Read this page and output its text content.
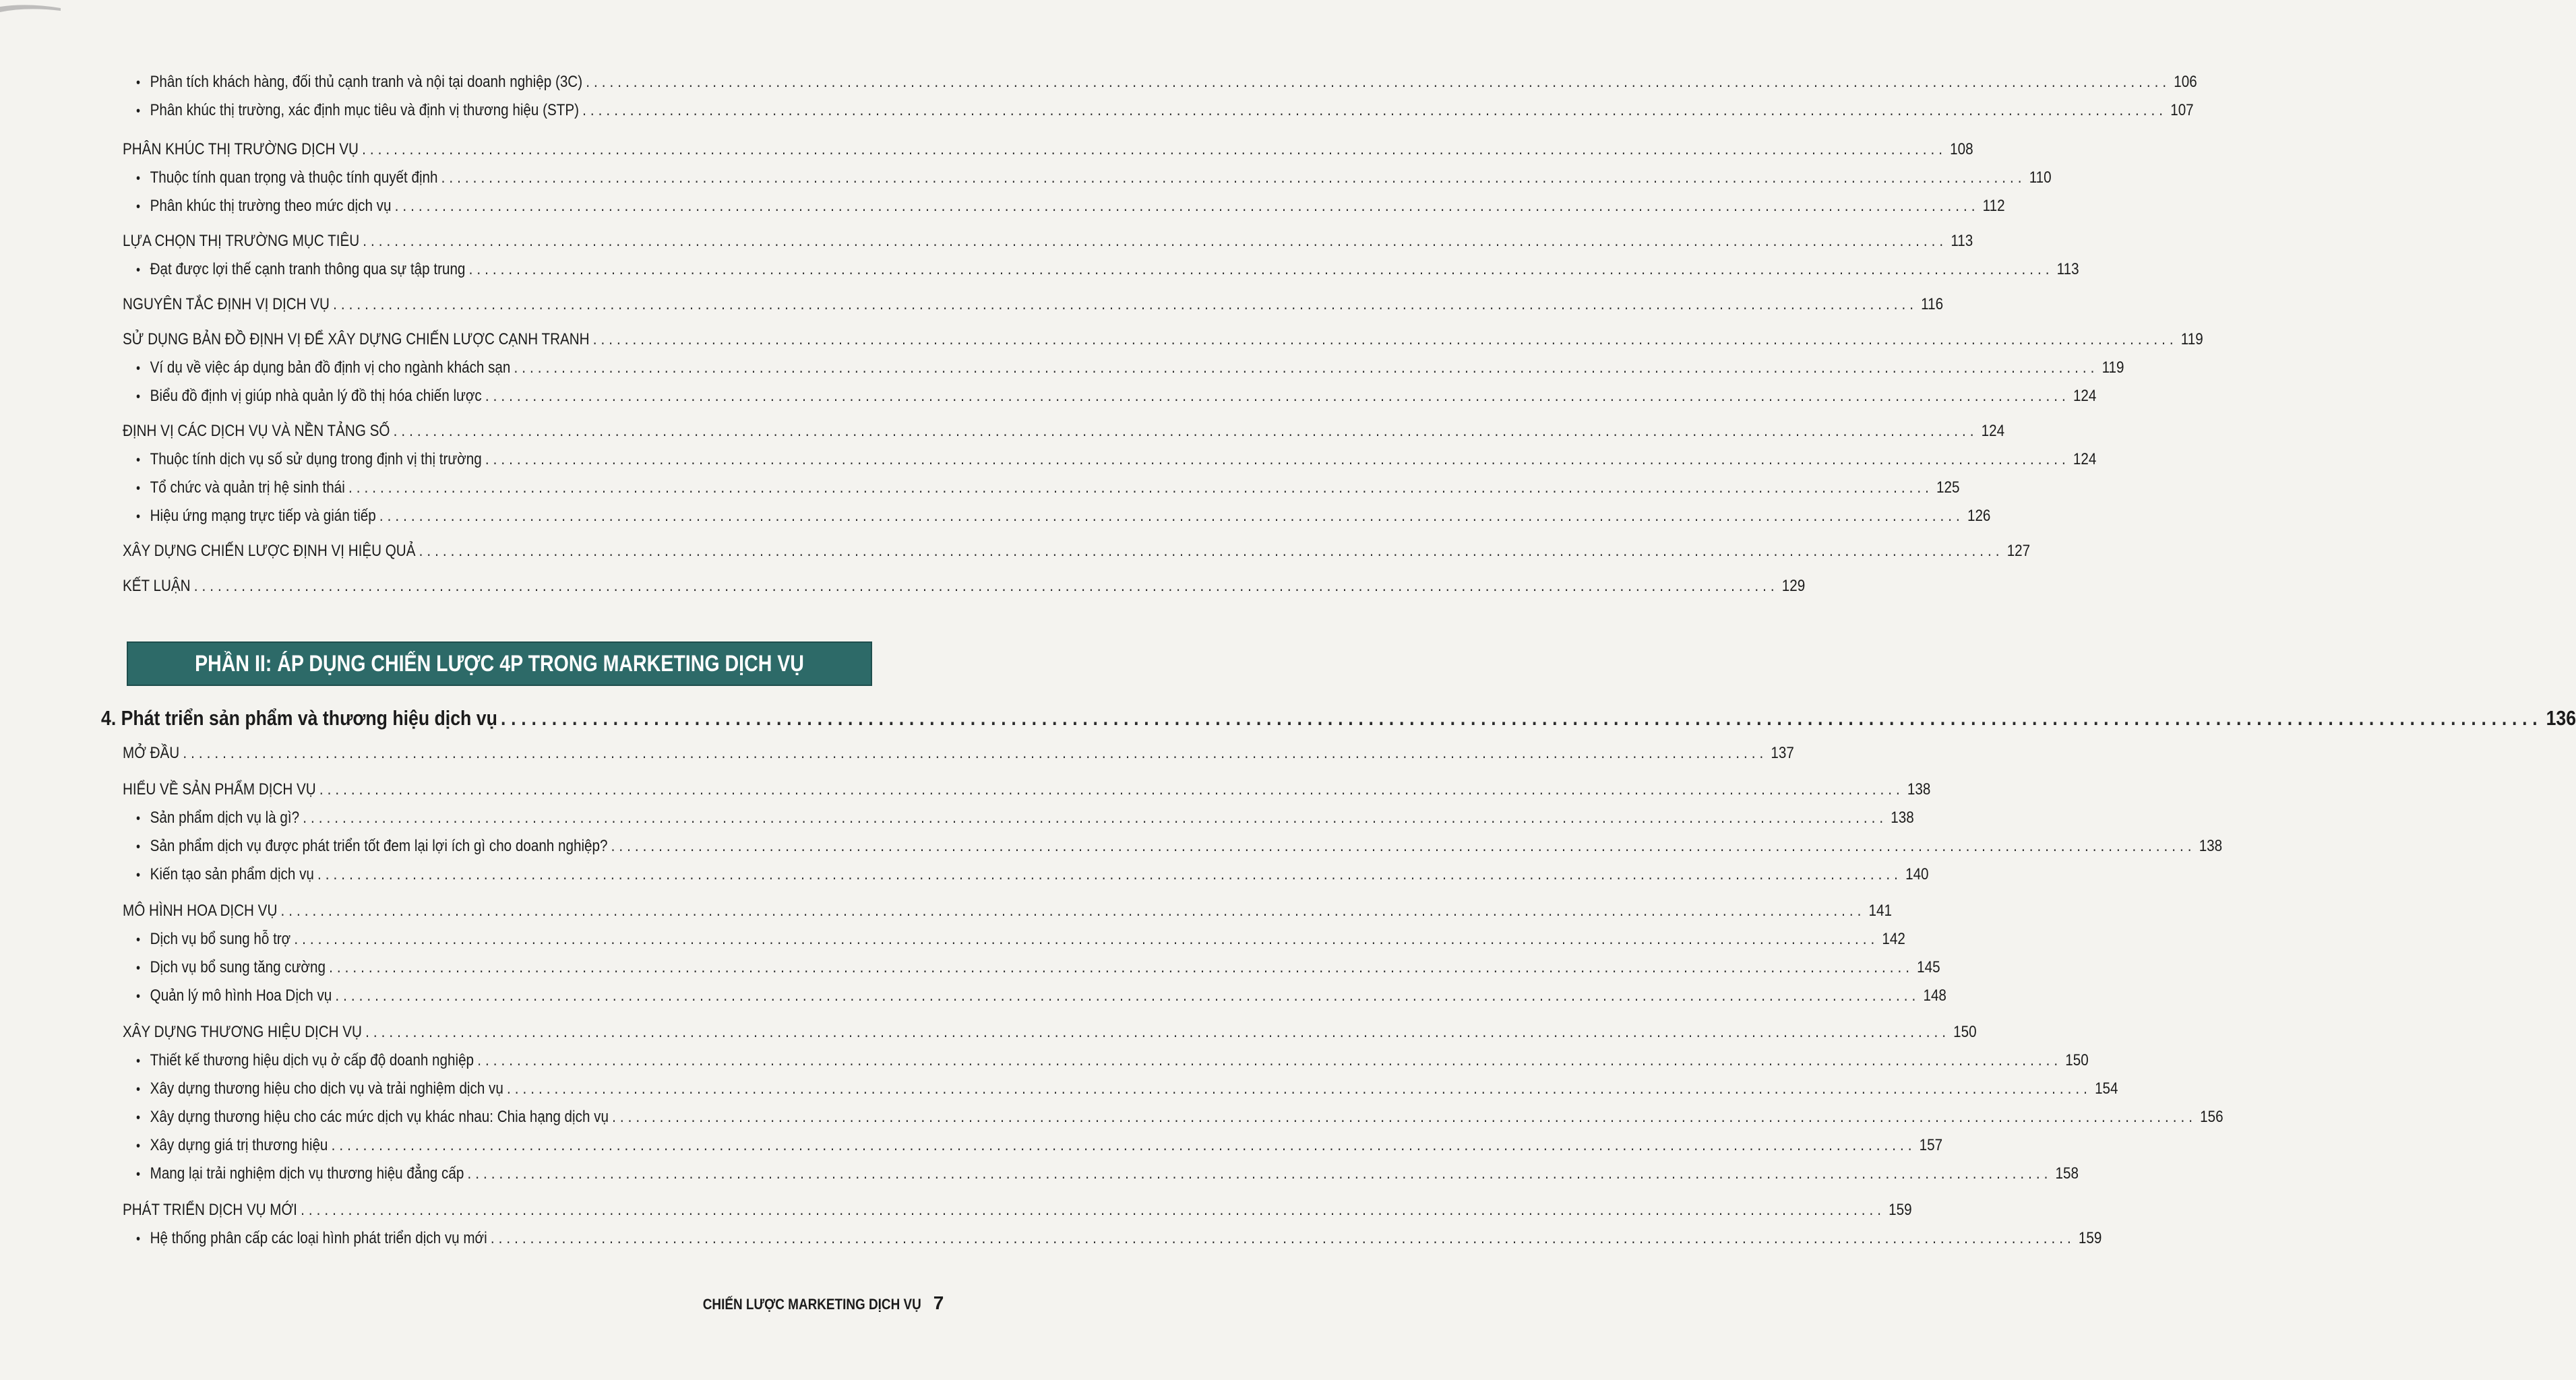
• Phân tích khách hàng, đối thủ cạnh tranh và nội tại doanh nghiệp (3C) ........................................................................................................................................................................................................ 106
• Phân khúc thị trường, xác định mục tiêu và định vị thương hiệu (STP) ........................................................................................................................................................................................................ 107
PHÂN KHÚC THỊ TRƯỜNG DỊCH VỤ ........................................................................................................................................................................................................ 108
• Thuộc tính quan trọng và thuộc tính quyết định ........................................................................................................................................................................................................ 110
• Phân khúc thị trường theo mức dịch vụ ........................................................................................................................................................................................................ 112
LỰA CHỌN THỊ TRƯỜNG MỤC TIÊU ........................................................................................................................................................................................................ 113
• Đạt được lợi thế cạnh tranh thông qua sự tập trung ........................................................................................................................................................................................................ 113
NGUYÊN TẮC ĐỊNH VỊ DỊCH VỤ ........................................................................................................................................................................................................ 116
SỬ DỤNG BẢN ĐỒ ĐỊNH VỊ ĐỂ XÂY DỰNG CHIẾN LƯỢC CẠNH TRANH ........................................................................................................................................................................................................ 119
• Ví dụ về việc áp dụng bản đồ định vị cho ngành khách sạn ........................................................................................................................................................................................................ 119
• Biểu đồ định vị giúp nhà quản lý đồ thị hóa chiến lược ........................................................................................................................................................................................................ 124
ĐỊNH VỊ CÁC DỊCH VỤ VÀ NỀN TẢNG SỐ ........................................................................................................................................................................................................ 124
• Thuộc tính dịch vụ số sử dụng trong định vị thị trường ........................................................................................................................................................................................................ 124
• Tổ chức và quản trị hệ sinh thái ........................................................................................................................................................................................................ 125
• Hiệu ứng mạng trực tiếp và gián tiếp ........................................................................................................................................................................................................ 126
XÂY DỰNG CHIẾN LƯỢC ĐỊNH VỊ HIỆU QUẢ ........................................................................................................................................................................................................ 127
KẾT LUẬN ........................................................................................................................................................................................................ 129
PHẦN II: ÁP DỤNG CHIẾN LƯỢC 4P TRONG MARKETING DỊCH VỤ
4. Phát triển sản phẩm và thương hiệu dịch vụ ........................................................................................................................................................................................................ 136
MỞ ĐẦU ........................................................................................................................................................................................................ 137
HIỂU VỀ SẢN PHẨM DỊCH VỤ ........................................................................................................................................................................................................ 138
• Sản phẩm dịch vụ là gì? ........................................................................................................................................................................................................ 138
• Sản phẩm dịch vụ được phát triển tốt đem lại lợi ích gì cho doanh nghiệp? ........................................................................................................................................................................................................ 138
• Kiến tạo sản phẩm dịch vụ ........................................................................................................................................................................................................ 140
MÔ HÌNH HOA DỊCH VỤ ........................................................................................................................................................................................................ 141
• Dịch vụ bổ sung hỗ trợ ........................................................................................................................................................................................................ 142
• Dịch vụ bổ sung tăng cường ........................................................................................................................................................................................................ 145
• Quản lý mô hình Hoa Dịch vụ ........................................................................................................................................................................................................ 148
XÂY DỰNG THƯƠNG HIỆU DỊCH VỤ ........................................................................................................................................................................................................ 150
• Thiết kế thương hiệu dịch vụ ở cấp độ doanh nghiệp ........................................................................................................................................................................................................ 150
• Xây dựng thương hiệu cho dịch vụ và trải nghiệm dịch vụ ........................................................................................................................................................................................................ 154
• Xây dựng thương hiệu cho các mức dịch vụ khác nhau: Chia hạng dịch vụ ........................................................................................................................................................................................................ 156
• Xây dựng giá trị thương hiệu ........................................................................................................................................................................................................ 157
• Mang lại trải nghiệm dịch vụ thương hiệu đẳng cấp ........................................................................................................................................................................................................ 158
PHÁT TRIỂN DỊCH VỤ MỚI ........................................................................................................................................................................................................ 159
• Hệ thống phân cấp các loại hình phát triển dịch vụ mới ........................................................................................................................................................................................................ 159
CHIẾN LƯỢC MARKETING DỊCH VỤ 7
